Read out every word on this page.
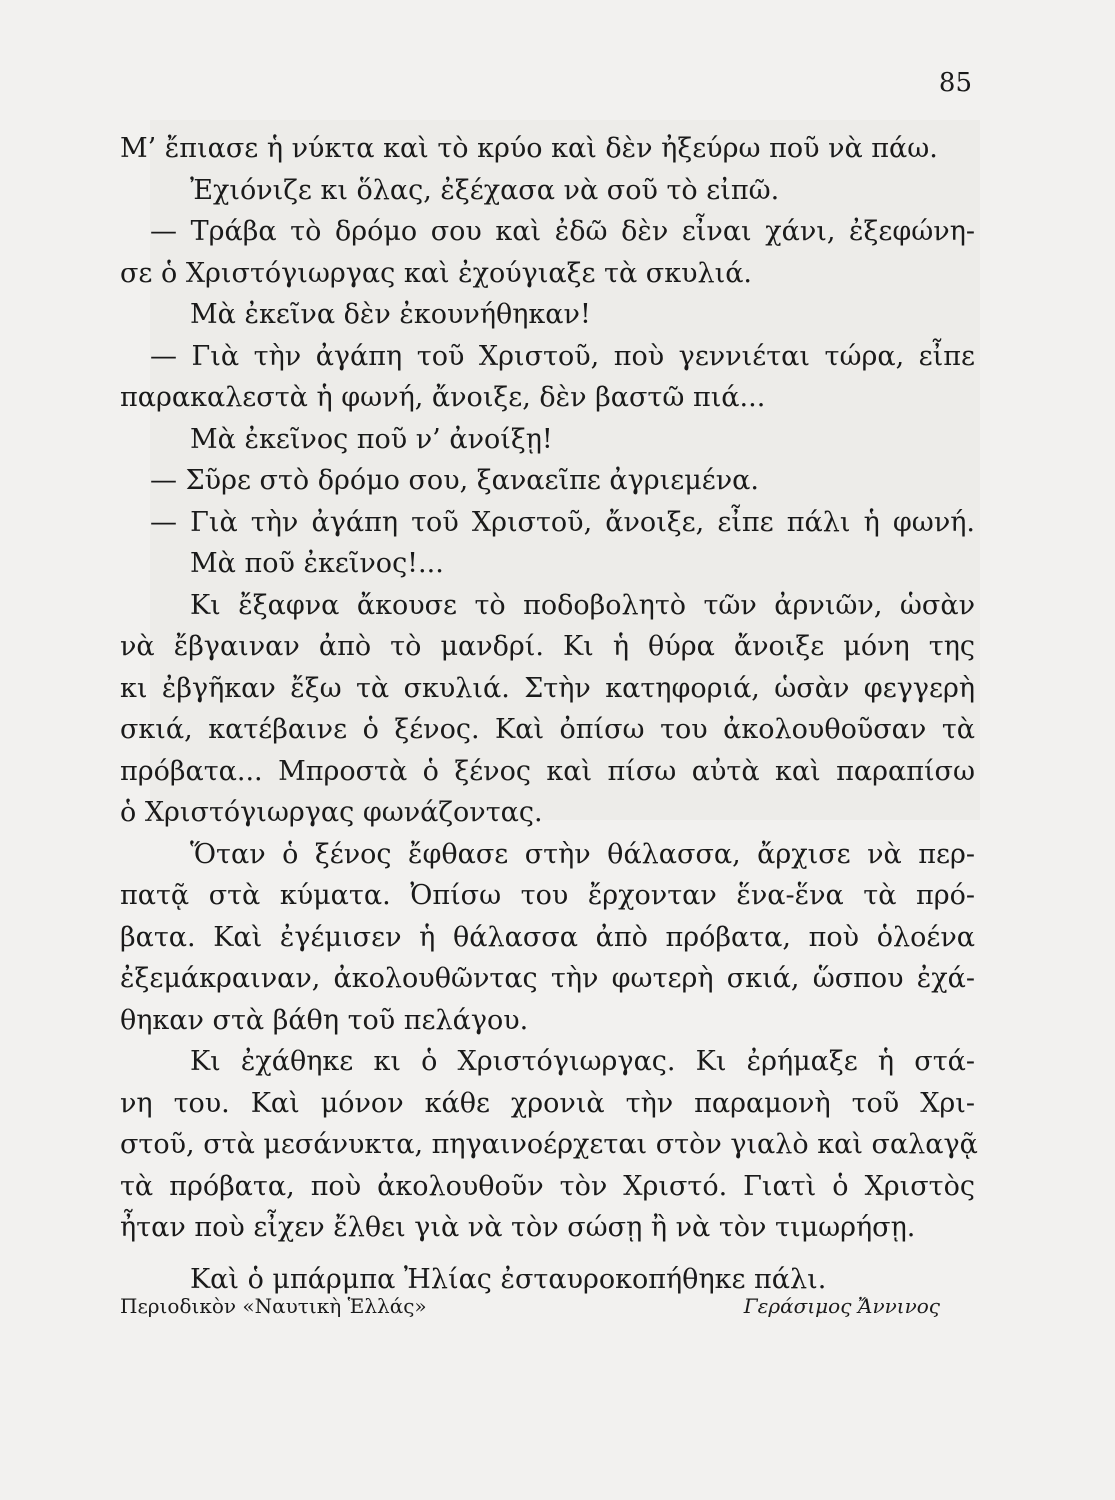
85
Μ’ ἔπιασε ἡ νύκτα καὶ τὸ κρύο καὶ δὲν ἠξεύρω ποῦ νὰ πάω.
Ἐχιόνιζε κι ὅλας, ἐξέχασα νὰ σοῦ τὸ εἰπῶ.
— Τράβα τὸ δρόμο σου καὶ ἐδῶ δὲν εἶναι χάνι, ἐξεφώνη-
σε ὁ Χριστόγιωργας καὶ ἐχούγιαξε τὰ σκυλιά.
Μὰ ἐκεῖνα δὲν ἐκουνήθηκαν!
— Γιὰ τὴν ἀγάπη τοῦ Χριστοῦ, ποὺ γεννιέται τώρα, εἶπε
παρακαλεστὰ ἡ φωνή, ἄνοιξε, δὲν βαστῶ πιά...
Μὰ ἐκεῖνος ποῦ ν’ ἀνοίξῃ!
— Σῦρε στὸ δρόμο σου, ξαναεῖπε ἀγριεμένα.
— Γιὰ τὴν ἀγάπη τοῦ Χριστοῦ, ἄνοιξε, εἶπε πάλι ἡ φωνή.
Μὰ ποῦ ἐκεῖνος!...
Κι ἔξαφνα ἄκουσε τὸ ποδοβολητὸ τῶν ἀρνιῶν, ὡσὰν
νὰ ἔβγαιναν ἀπὸ τὸ μανδρί. Κι ἡ θύρα ἄνοιξε μόνη της
κι ἐβγῆκαν ἔξω τὰ σκυλιά. Στὴν κατηφοριά, ὡσὰν φεγγερὴ
σκιά, κατέβαινε ὁ ξένος. Καὶ ὀπίσω του ἀκολουθοῦσαν τὰ
πρόβατα... Μπροστὰ ὁ ξένος καὶ πίσω αὐτὰ καὶ παραπίσω
ὁ Χριστόγιωργας φωνάζοντας.
Ὅταν ὁ ξένος ἔφθασε στὴν θάλασσα, ἄρχισε νὰ περ-
πατᾷ στὰ κύματα. Ὀπίσω του ἔρχονταν ἕνα-ἕνα τὰ πρό-
βατα. Καὶ ἐγέμισεν ἡ θάλασσα ἀπὸ πρόβατα, ποὺ ὁλοένα
ἐξεμάκραιναν, ἀκολουθῶντας τὴν φωτερὴ σκιά, ὥσπου ἐχά-
θηκαν στὰ βάθη τοῦ πελάγου.
Κι ἐχάθηκε κι ὁ Χριστόγιωργας. Κι ἐρήμαξε ἡ στά-
νη του. Καὶ μόνον κάθε χρονιὰ τὴν παραμονὴ τοῦ Χρι-
στοῦ, στὰ μεσάνυκτα, πηγαινοέρχεται στὸν γιαλὸ καὶ σαλαγᾷ
τὰ πρόβατα, ποὺ ἀκολουθοῦν τὸν Χριστό. Γιατὶ ὁ Χριστὸς
ἦταν ποὺ εἶχεν ἔλθει γιὰ νὰ τὸν σώσῃ ἢ νὰ τὸν τιμωρήσῃ.
Καὶ ὁ μπάρμπα Ἠλίας ἐσταυροκοπήθηκε πάλι.
Περιοδικὸν «Ναυτικὴ Ἑλλάς»	Γεράσιμος Ἄννινος
